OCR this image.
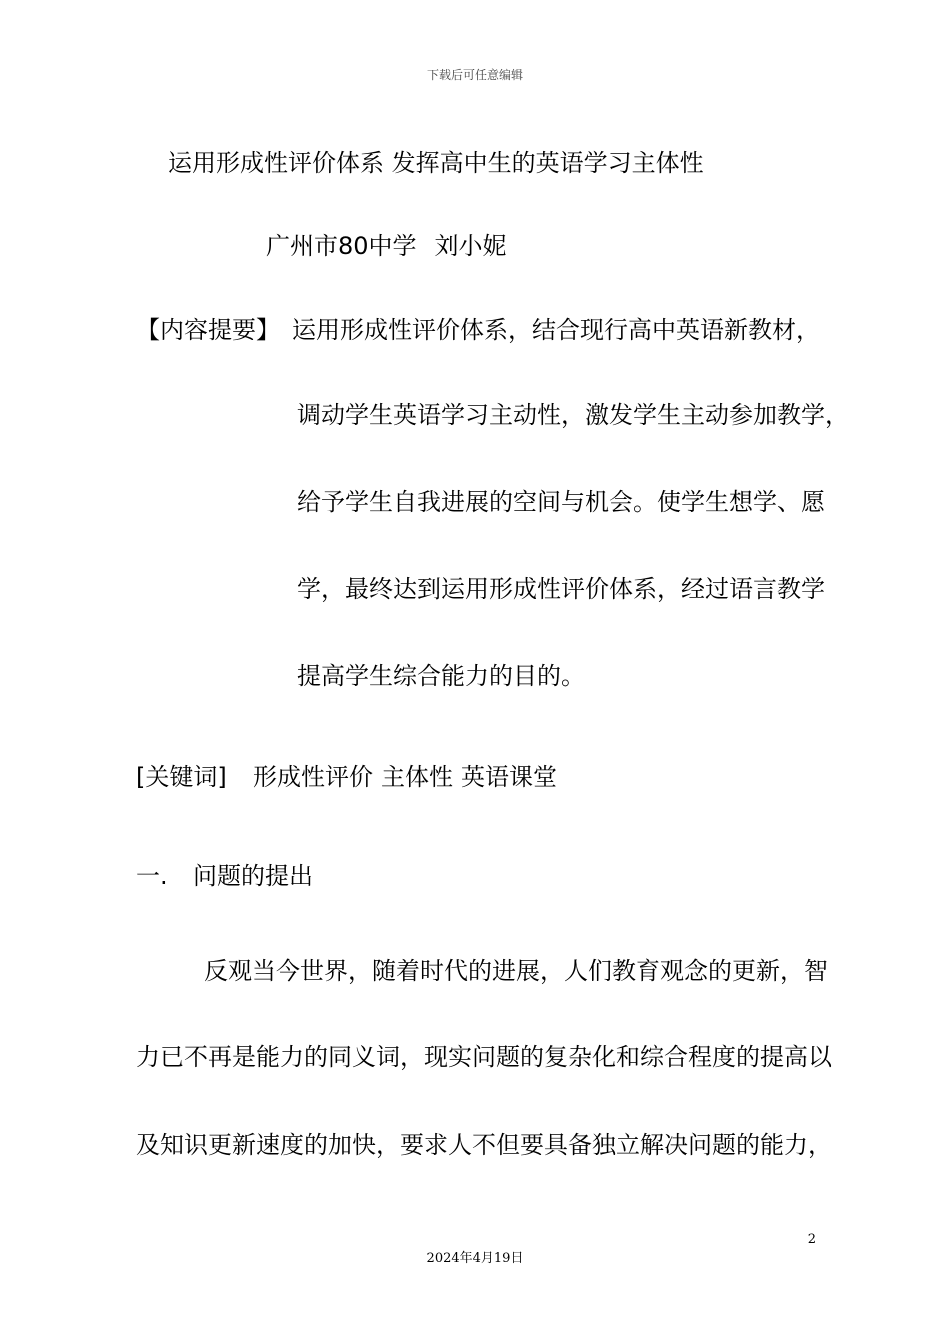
下载后可任意编辑
运用形成性评价体系 发挥高中生的英语学习主体性
广州市80中学 刘小妮
【内容提要】 运用形成性评价体系，结合现行高中英语新教材，
调动学生英语学习主动性，激发学生主动参加教学，
给予学生自我进展的空间与机会。使学生想学、愿
学，最终达到运用形成性评价体系，经过语言教学
提高学生综合能力的目的。
[关键词] 形成性评价 主体性 英语课堂
一. 问题的提出
反观当今世界，随着时代的进展，人们教育观念的更新，智
力已不再是能力的同义词，现实问题的复杂化和综合程度的提高以
及知识更新速度的加快，要求人不但要具备独立解决问题的能力，
2
2024年4月19日
